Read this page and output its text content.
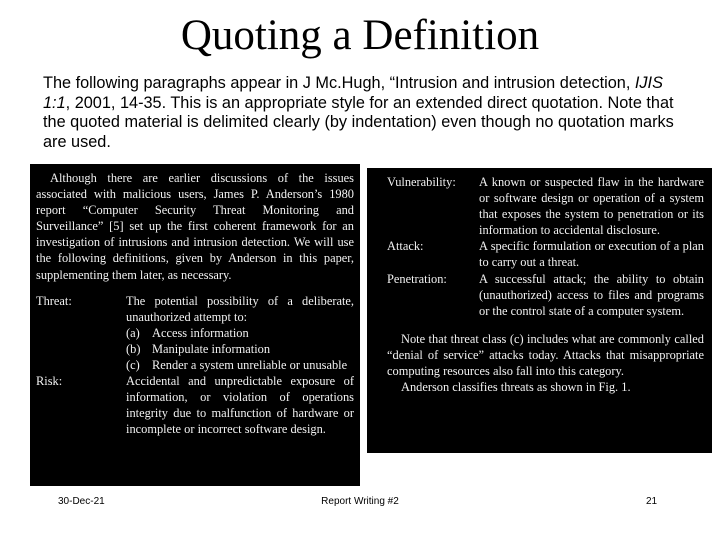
Quoting a Definition

The following paragraphs appear in J Mc.Hugh, “Intrusion and intrusion detection, IJIS 1:1, 2001, 14-35. This is an appropriate style for an extended direct quotation. Note that the quoted material is delimited clearly (by indentation) even though no quotation marks are used.

Although there are earlier discussions of the issues associated with malicious users, James P. Anderson’s 1980 report “Computer Security Threat Monitoring and Surveillance” [5] set up the first coherent framework for an investigation of intrusions and intrusion detection. We will use the following definitions, given by Anderson in this paper, supplementing them later, as necessary.

Threat:	The potential possibility of a deliberate, unauthorized attempt to:

(a) Access information
(b) Manipulate information
(c) Render a system unreliable or unusable
Risk:	Accidental and unpredictable exposure of information, or violation of operations integrity due to malfunction of hardware or incomplete or incorrect software design.

Vulnerability:	A known or suspected flaw in the hardware or software design or operation of a system that exposes the system to penetration or its information to accidental disclosure.

Attack:	A specific formulation or execution of a plan to carry out a threat.

Penetration:	A successful attack; the ability to obtain (unauthorized) access to files and programs or the control state of a computer system.

Note that threat class (c) includes what are commonly called “denial of service” attacks today. Attacks that misappropriate computing resources also fall into this category.

Anderson classifies threats as shown in Fig. 1.

30-Dec-21	Report Writing #2	21
